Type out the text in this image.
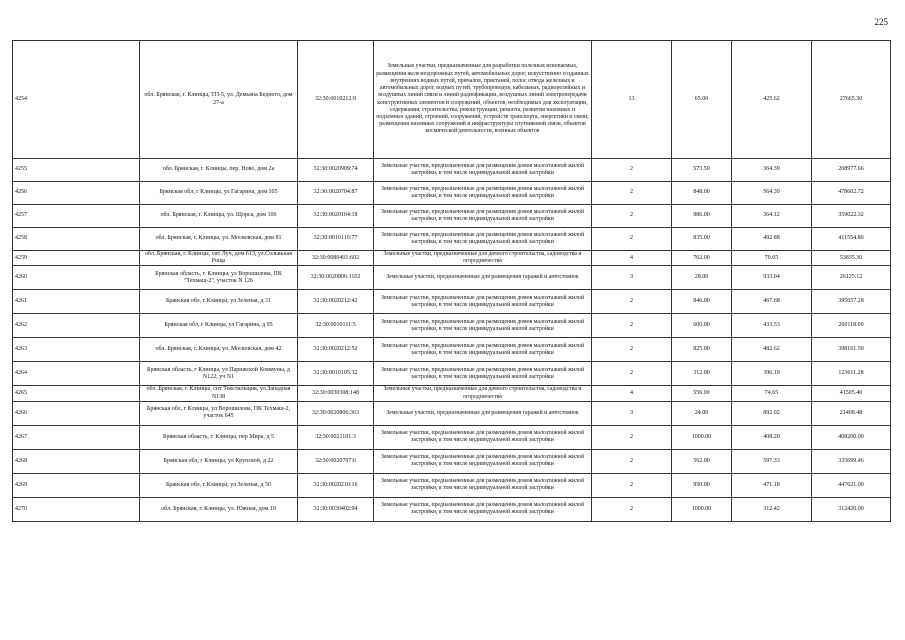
225
4254	обл. Брянская, г. Клинцы, ТП-5, ул. Демьяна Бедного, дом 27-а	32:30:0010212:9	Земельные участки, предназначенные для разработки полезных ископаемых, размещения железнодорожных путей, автомобильных дорог, искусственно созданных внутренних водных путей, причалов, пристаней, полос отвода железных и автомобильных дорог, водных путей, трубопроводов, кабельных, радиорелейных и воздушных линий связи и линий радиофикации, воздушных линий электропередачи конструктивных элементов и сооружений, объектов, необходимых для эксплуатации, содержания, строительства, реконструкции, ремонта, развития наземных и подземных зданий, строений, сооружений, устройств транспорта, энергетики и связи; размещения наземных сооружений и инфраструктуры спутниковой связи, объектов космической деятельности, военных объектов	13	65.00	425.62	27665.30
4255	обл. Брянская, г. Клинцы, пер. Ново, дом 2а	32:30:0020909:74	Земельные участки, предназначенные для размещения домов малоэтажной жилой застройки, в том числе индивидуальной жилой застройки	2	573.50	364.39	208977.66
4256	Брянская обл, г Клинцы, ул Гагарина, дом 105	32:30:0020704:87	Земельные участки, предназначенные для размещения домов малоэтажной жилой застройки, в том числе индивидуальной жилой застройки	2	848.00	564.39	478602.72
4257	обл. Брянская, г. Клинцы, ул. Щорса, дом 106	32:30:0020104:18	Земельные участки, предназначенные для размещения домов малоэтажной жилой застройки, в том числе индивидуальной жилой застройки	2	986.00	364.12	359022.32
4258	обл. Брянская, г. Клинцы, ул. Московская, дом 81	32:30:0010116:77	Земельные участки, предназначенные для размещения домов малоэтажной жилой застройки, в том числе индивидуальной жилой застройки	2	835.00	492.88	411554.80
4259	обл. Брянская, г. Клинцы, снт Луч, дом 613, ул.Сольвьная Роща	32:30:0080401:602	Земельные участки, предназначенные для дачного строительства, садоводства и огородничества	4	762.00	70.65	53835.30
4260	Брянская область, г. Клинцы, ул Ворошилова, ПК "Техмаш-2", участок N 126	32:30:0020806:1102	Земельные участки, предназначенные для размещения гаражей и автостоянок	3	28.00	933.04	26125.12
4261	Брянская обл, г Клинцы, ул Зеленая, д 31	32:30:0020212:42	Земельные участки, предназначенные для размещения домов малоэтажной жилой застройки, в том числе индивидуальной жилой застройки	2	846.00	467.68	395657.28
4262	Брянская обл, г Клинцы, ул Гагарина, д 95	32:30:0010111:5	Земельные участки, предназначенные для размещения домов малоэтажной жилой застройки, в том числе индивидуальной жилой застройки	2	600.00	433.53	260118.00
4263	обл. Брянская, г. Клинцы, ул. Московская, дом 42	32:30:0020212:52	Земельные участки, предназначенные для размещения домов малоэтажной жилой застройки, в том числе индивидуальной жилой застройки	2	825.00	482.62	398161.50
4264	Брянская область, г Клинцы, ул Парижской Коммуны, д N122, уч N1	32:30:0010105:32	Земельные участки, предназначенные для размещения домов малоэтажной жилой застройки, в том числе индивидуальной жилой застройки	2	312.00	396.19	123611.28
4265	обл. Брянская, г. Клинцы, снт Текстильщик, ул.Западная N138	32:30:0030308:148	Земельные участки, предназначенные для дачного строительства, садоводства и огородничества	4	556.00	74.65	41505.40
4266	Брянская обл, г Клинцы, ул Ворошилова, ПК Техмаш-2, участок 645	32:30:0020806:363	Земельные участки, предназначенные для размещения гаражей и автостоянок	3	24.00	892.02	21408.48
4267	Брянская область, г. Клинцы, пер Мира, д 5	32:30:0021101:3	Земельные участки, предназначенные для размещения домов малоэтажной жилой застройки, в том числе индивидуальной жилой застройки	2	1000.00	408.20	408200.00
4268	Брянская обл, г Клинцы, ул Крупской, д 22	32:30:0020707:6	Земельные участки, предназначенные для размещения домов малоэтажной жилой застройки, в том числе индивидуальной жилой застройки	2	562.00	597.33	335699.46
4269	Брянская обл, г Клинцы, ул Зеленая, д 50	32:30:0020210:16	Земельные участки, предназначенные для размещения домов малоэтажной жилой застройки, в том числе индивидуальной жилой застройки	2	950.00	471.18	447621.00
4270	обл. Брянская, г. Клинцы, ул. Южная, дом 19	32:30:0030402:94	Земельные участки, предназначенные для размещения домов малоэтажной жилой застройки, в том числе индивидуальной жилой застройки	2	1000.00	312.42	312420.00
